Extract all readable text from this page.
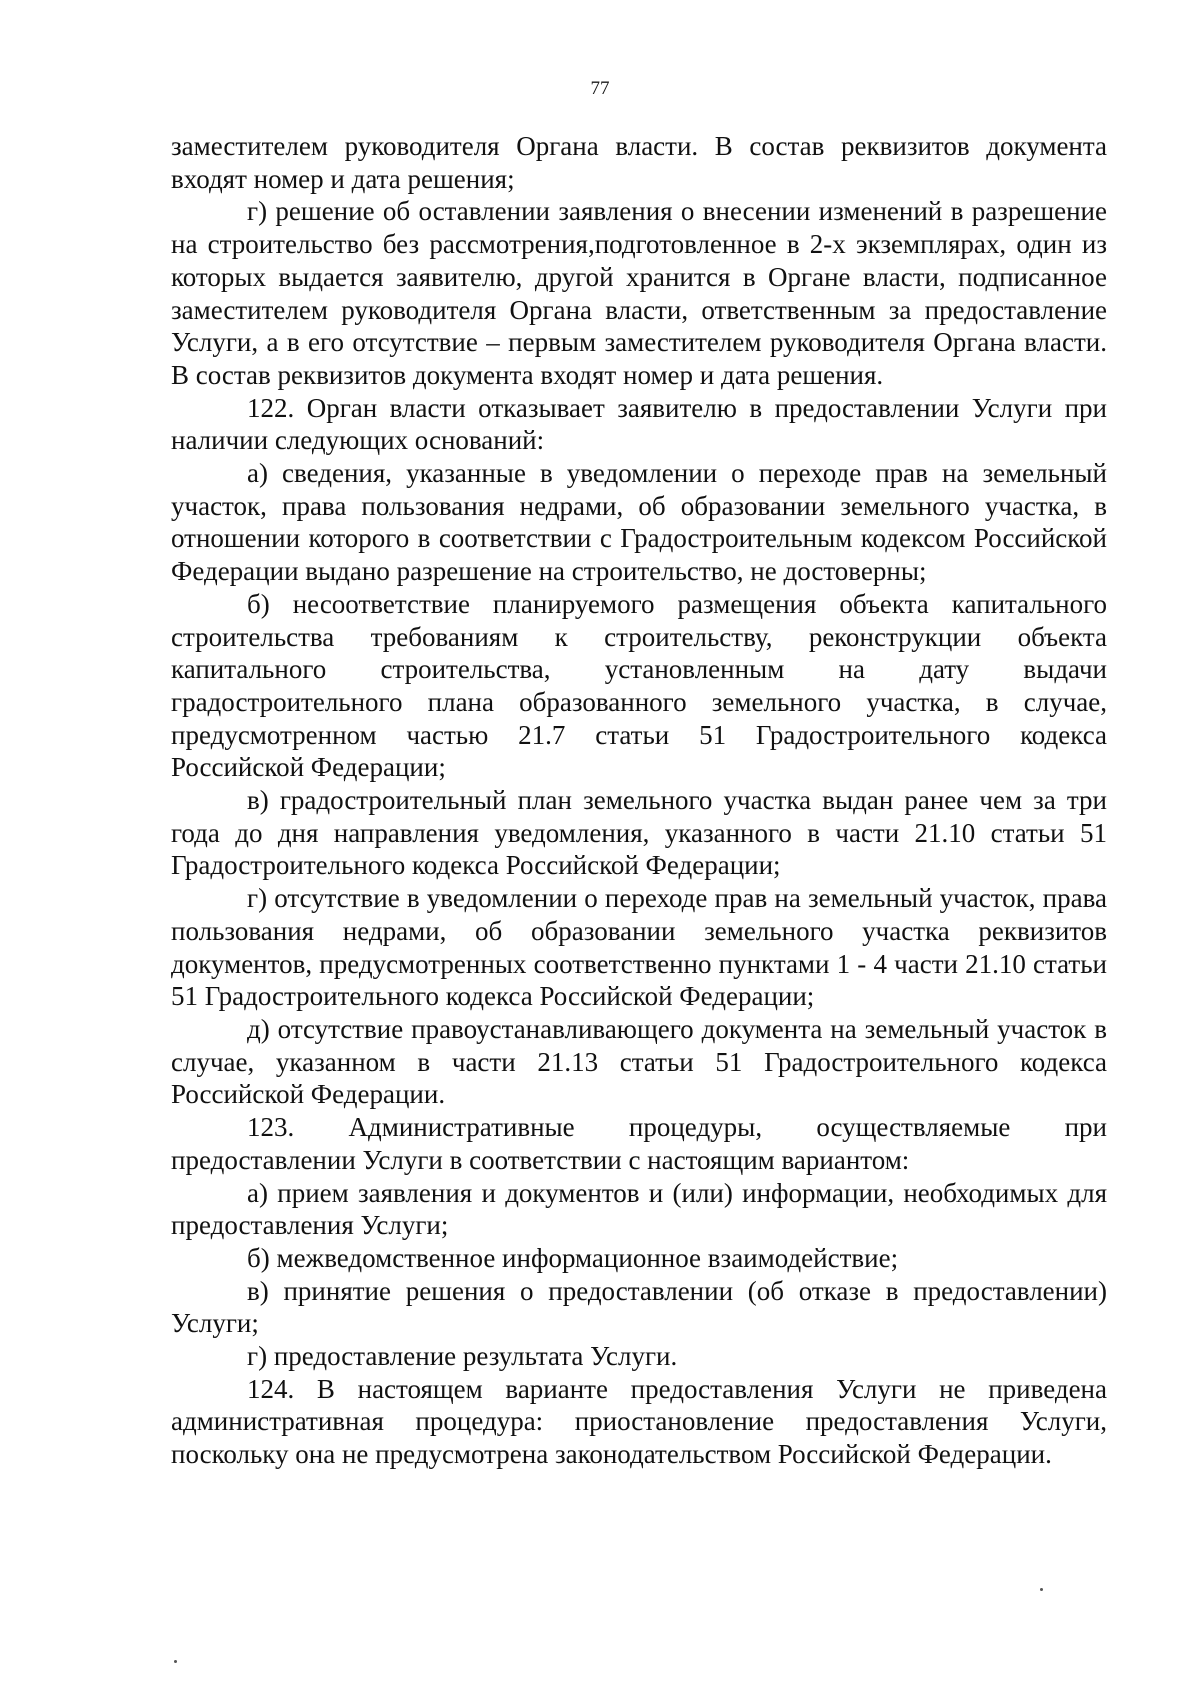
77

заместителем руководителя Органа власти. В состав реквизитов документа входят номер и дата решения;

г) решение об оставлении заявления о внесении изменений в разрешение на строительство без рассмотрения,подготовленное в 2-х экземплярах, один из которых выдается заявителю, другой хранится в Органе власти, подписанное заместителем руководителя Органа власти, ответственным за предоставление Услуги, а в его отсутствие – первым заместителем руководителя Органа власти. В состав реквизитов документа входят номер и дата решения.

122. Орган власти отказывает заявителю в предоставлении Услуги при наличии следующих оснований:

а) сведения, указанные в уведомлении о переходе прав на земельный участок, права пользования недрами, об образовании земельного участка, в отношении которого в соответствии с Градостроительным кодексом Российской Федерации выдано разрешение на строительство, не достоверны;

б) несоответствие планируемого размещения объекта капитального строительства требованиям к строительству, реконструкции объекта капитального строительства, установленным на дату выдачи градостроительного плана образованного земельного участка, в случае, предусмотренном частью 21.7 статьи 51 Градостроительного кодекса Российской Федерации;

в) градостроительный план земельного участка выдан ранее чем за три года до дня направления уведомления, указанного в части 21.10 статьи 51 Градостроительного кодекса Российской Федерации;

г) отсутствие в уведомлении о переходе прав на земельный участок, права пользования недрами, об образовании земельного участка реквизитов документов, предусмотренных соответственно пунктами 1 - 4 части 21.10 статьи 51 Градостроительного кодекса Российской Федерации;

д) отсутствие правоустанавливающего документа на земельный участок в случае, указанном в части 21.13 статьи 51 Градостроительного кодекса Российской Федерации.

123. Административные процедуры, осуществляемые при предоставлении Услуги в соответствии с настоящим вариантом:

а) прием заявления и документов и (или) информации, необходимых для предоставления Услуги;

б) межведомственное информационное взаимодействие;

в) принятие решения о предоставлении (об отказе в предоставлении) Услуги;

г) предоставление результата Услуги.

124. В настоящем варианте предоставления Услуги не приведена административная процедура: приостановление предоставления Услуги, поскольку она не предусмотрена законодательством Российской Федерации.
